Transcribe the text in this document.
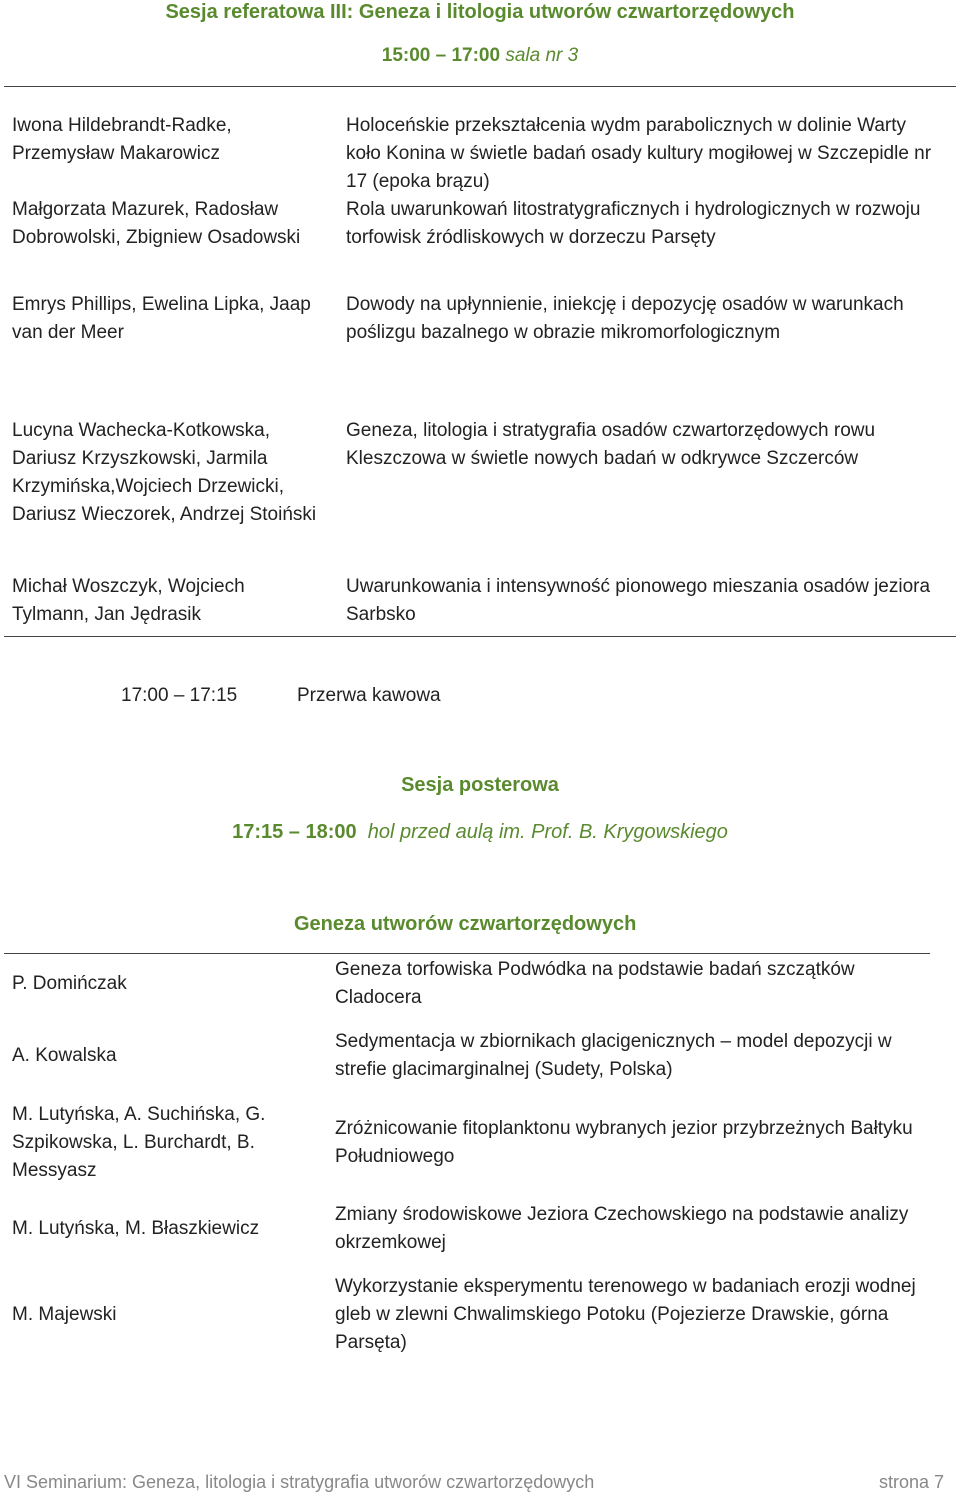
Sesja referatowa III: Geneza i litologia utworów czwartorzędowych
15:00 – 17:00 sala nr 3
Iwona Hildebrandt-Radke, Przemysław Makarowicz
Holoceńskie przekształcenia wydm parabolicznych w dolinie Warty koło Konina w świetle badań osady kultury mogiłowej w Szczepidle nr 17 (epoka brązu)
Małgorzata Mazurek, Radosław Dobrowolski, Zbigniew Osadowski
Rola uwarunkowań litostratygraficznych i hydrologicznych w rozwoju torfowisk źródliskowych w dorzeczu Parsęty
Emrys Phillips, Ewelina Lipka, Jaap van der Meer
Dowody na upłynnienie, iniekcję i depozycję osadów w warunkach poślizgu bazalnego w obrazie mikromorfologicznym
Lucyna Wachecka-Kotkowska, Dariusz Krzyszkowski, Jarmila Krzymińska,Wojciech Drzewicki, Dariusz Wieczorek, Andrzej Stoiński
Geneza, litologia i stratygrafia osadów czwartorzędowych rowu Kleszczowa w świetle nowych badań w odkrywce Szczerców
Michał Woszczyk, Wojciech Tylmann, Jan Jędrasik
Uwarunkowania i intensywność pionowego mieszania osadów jeziora Sarbsko
17:00 – 17:15	Przerwa kawowa
Sesja posterowa
17:15 – 18:00 hol przed aulą im. Prof. B. Krygowskiego
Geneza utworów czwartorzędowych
P. Domińczak
Geneza torfowiska Podwódka na podstawie badań szczątków Cladocera
A. Kowalska
Sedymentacja w zbiornikach glacigenicznych – model depozycji w strefie glacimarginalnej (Sudety, Polska)
M. Lutyńska, A. Suchińska, G. Szpikowska, L. Burchardt, B. Messyasz
Zróżnicowanie fitoplanktonu wybranych jezior przybrzeżnych Bałtyku Południowego
M. Lutyńska, M. Błaszkiewicz
Zmiany środowiskowe Jeziora Czechowskiego na podstawie analizy okrzemkowej
M. Majewski
Wykorzystanie eksperymentu terenowego w badaniach erozji wodnej gleb w zlewni Chwalimskiego Potoku (Pojezierze Drawskie, górna Parsęta)
VI Seminarium: Geneza, litologia i stratygrafia utworów czwartorzędowych	strona 7
